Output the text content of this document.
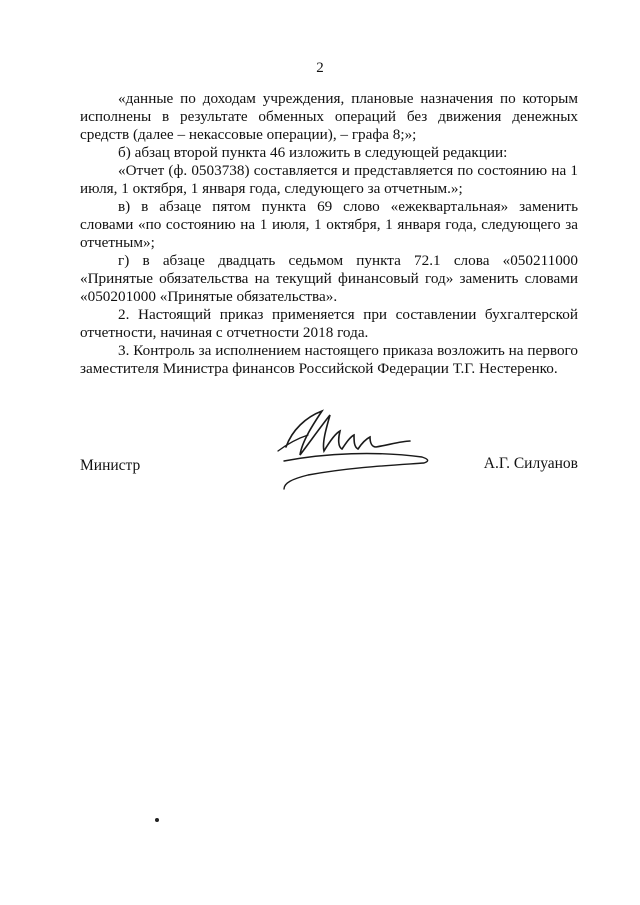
2

«данные по доходам учреждения, плановые назначения по которым исполнены в результате обменных операций без движения денежных средств (далее – некассовые операции), – графа 8;»;

б) абзац второй пункта 46 изложить в следующей редакции:

«Отчет (ф. 0503738) составляется и представляется по состоянию на 1 июля, 1 октября, 1 января года, следующего за отчетным.»;

в) в абзаце пятом пункта 69 слово «ежеквартальная» заменить словами «по состоянию на 1 июля, 1 октября, 1 января года, следующего за отчетным»;

г) в абзаце двадцать седьмом пункта 72.1 слова «050211000 «Принятые обязательства на текущий финансовый год» заменить словами «050201000 «Принятые обязательства».

2. Настоящий приказ применяется при составлении бухгалтерской отчетности, начиная с отчетности 2018 года.

3. Контроль за исполнением настоящего приказа возложить на первого заместителя Министра финансов Российской Федерации Т.Г. Нестеренко.

Министр	А.Г. Силуанов
